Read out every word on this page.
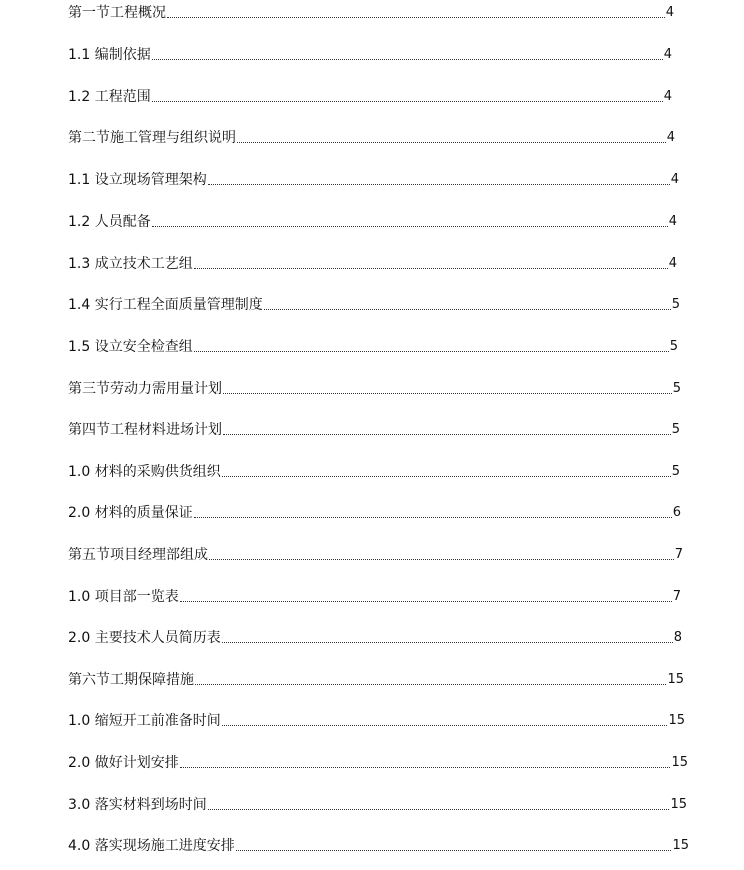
第一节工程概况	4
1.1 编制依据	4
1.2 工程范围	4
第二节施工管理与组织说明	4
1.1 设立现场管理架构	4
1.2 人员配备	4
1.3 成立技术工艺组	4
1.4 实行工程全面质量管理制度	5
1.5 设立安全检查组	5
第三节劳动力需用量计划	5
第四节工程材料进场计划	5
1.0 材料的采购供货组织	5
2.0 材料的质量保证	6
第五节项目经理部组成	7
1.0 项目部一览表	7
2.0 主要技术人员简历表	8
第六节工期保障措施	15
1.0 缩短开工前准备时间	15
2.0 做好计划安排	15
3.0 落实材料到场时间	15
4.0 落实现场施工进度安排	15
